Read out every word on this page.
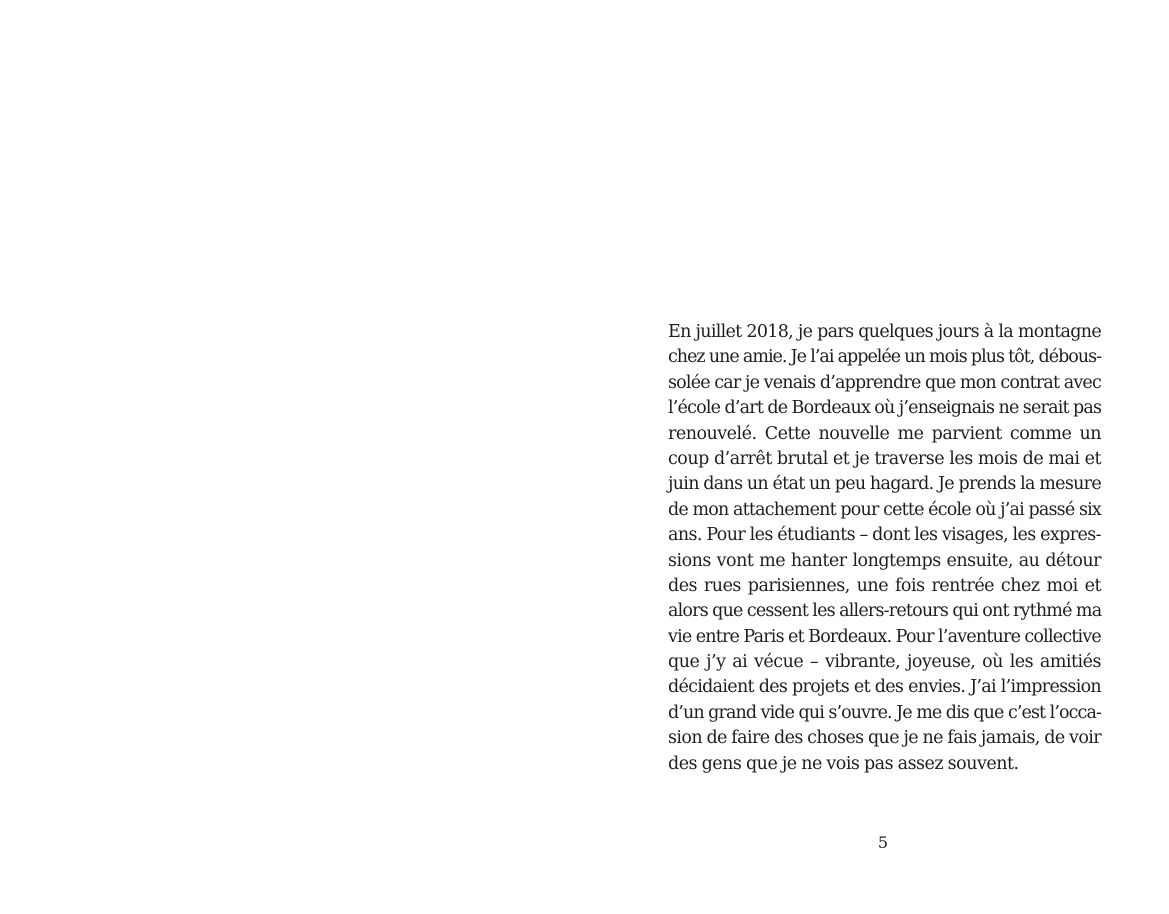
En juillet 2018, je pars quelques jours à la montagne
chez une amie. Je l’ai appelée un mois plus tôt, débous-
solée car je venais d’apprendre que mon contrat avec
l’école d’art de Bordeaux où j’enseignais ne serait pas
renouvelé. Cette nouvelle me parvient comme un
coup d’arrêt brutal et je traverse les mois de mai et
juin dans un état un peu hagard. Je prends la mesure
de mon attachement pour cette école où j’ai passé six
ans. Pour les étudiants – dont les visages, les expres-
sions vont me hanter longtemps ensuite, au détour
des rues parisiennes, une fois rentrée chez moi et
alors que cessent les allers-retours qui ont rythmé ma
vie entre Paris et Bordeaux. Pour l’aventure collective
que j’y ai vécue – vibrante, joyeuse, où les amitiés
décidaient des projets et des envies. J’ai l’impression
d’un grand vide qui s’ouvre. Je me dis que c’est l’occa-
sion de faire des choses que je ne fais jamais, de voir
des gens que je ne vois pas assez souvent.
5
